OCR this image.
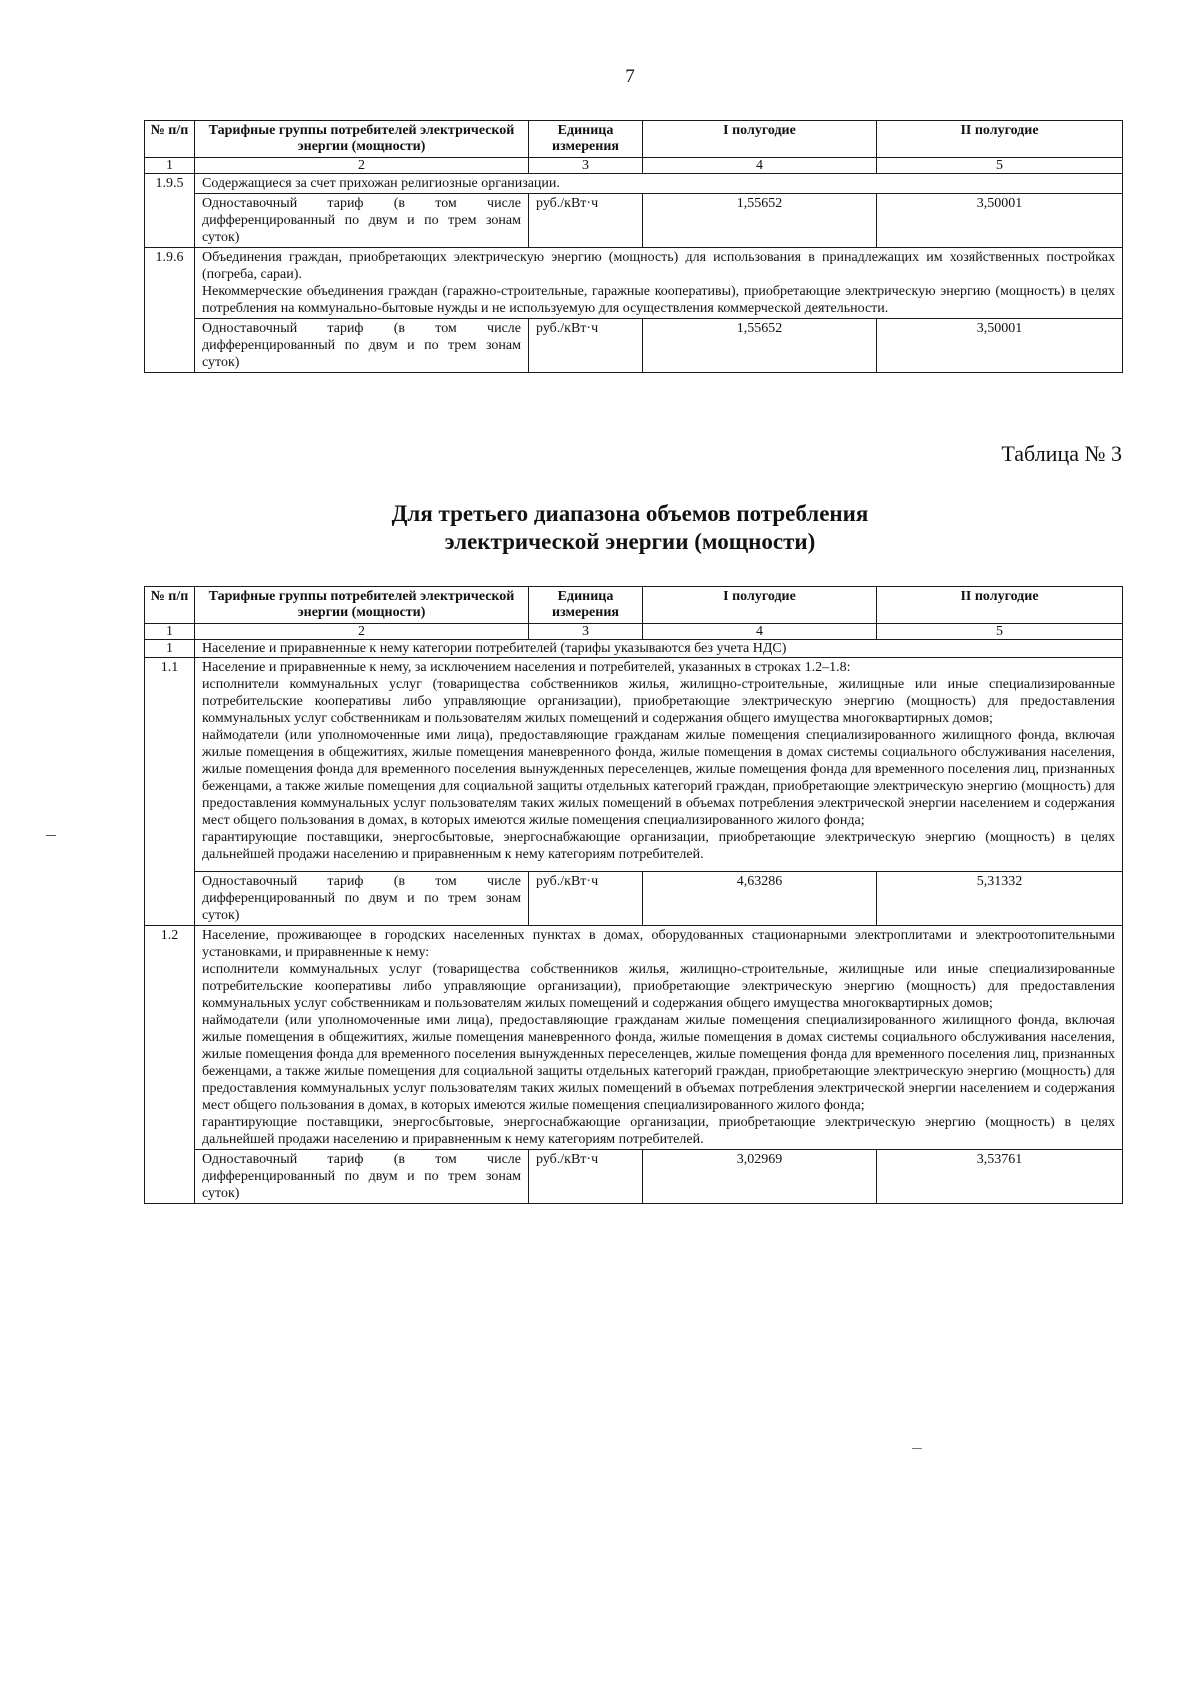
7
№ п/п	Тарифные группы потребителей электрической энергии (мощности)	Единица измерения	I полугодие	II полугодие
1	2	3	4	5
1.9.5	Содержащиеся за счет прихожан религиозные организации.			
	Одноставочный тариф (в том числе дифференцированный по двум и по трем зонам суток)	руб./кВт·ч	1,55652	3,50001
1.9.6	Объединения граждан, приобретающих электрическую энергию (мощность) для использования в принадлежащих им хозяйственных постройках (погреба, сараи).
Некоммерческие объединения граждан (гаражно-строительные, гаражные кооперативы), приобретающие электрическую энергию (мощность) в целях потребления на коммунально-бытовые нужды и не используемую для осуществления коммерческой деятельности.			

	Одноставочный тариф (в том числе дифференцированный по двум и по трем зонам суток)	руб./кВт·ч	1,55652	3,50001
Таблица № 3
Для третьего диапазона объемов потребления
электрической энергии (мощности)
№ п/п	Тарифные группы потребителей электрической энергии (мощности)	Единица измерения	I полугодие	II полугодие
1	2	3	4	5
1	Население и приравненные к нему категории потребителей (тарифы указываются без учета НДС)			
1.1	Население и приравненные к нему, за исключением населения и потребителей, указанных в строках 1.2–1.8:
исполнители коммунальных услуг (товарищества собственников жилья, жилищно-строительные, жилищные или иные специализированные потребительские кооперативы либо управляющие организации), приобретающие электрическую энергию (мощность) для предоставления коммунальных услуг собственникам и пользователям жилых помещений и содержания общего имущества многоквартирных домов;
наймодатели (или уполномоченные ими лица), предоставляющие гражданам жилые помещения специализированного жилищного фонда, включая жилые помещения в общежитиях, жилые помещения маневренного фонда, жилые помещения в домах системы социального обслуживания населения, жилые помещения фонда для временного поселения вынужденных переселенцев, жилые помещения фонда для временного поселения лиц, признанных беженцами, а также жилые помещения для социальной защиты отдельных категорий граждан, приобретающие электрическую энергию (мощность) для предоставления коммунальных услуг пользователям таких жилых помещений в объемах потребления электрической энергии населением и содержания мест общего пользования в домах, в которых имеются жилые помещения специализированного жилого фонда;
гарантирующие поставщики, энергосбытовые, энергоснабжающие организации, приобретающие электрическую энергию (мощность) в целях дальнейшей продажи населению и приравненным к нему категориям потребителей.			

	Одноставочный тариф (в том числе дифференцированный по двум и по трем зонам суток)	руб./кВт·ч	4,63286	5,31332
1.2	Население, проживающее в городских населенных пунктах в домах, оборудованных стационарными электроплитами и электроотопительными установками, и приравненные к нему:
исполнители коммунальных услуг (товарищества собственников жилья, жилищно-строительные, жилищные или иные специализированные потребительские кооперативы либо управляющие организации), приобретающие электрическую энергию (мощность) для предоставления коммунальных услуг собственникам и пользователям жилых помещений и содержания общего имущества многоквартирных домов;
наймодатели (или уполномоченные ими лица), предоставляющие гражданам жилые помещения специализированного жилищного фонда, включая жилые помещения в общежитиях, жилые помещения маневренного фонда, жилые помещения в домах системы социального обслуживания населения, жилые помещения фонда для временного поселения вынужденных переселенцев, жилые помещения фонда для временного поселения лиц, признанных беженцами, а также жилые помещения для социальной защиты отдельных категорий граждан, приобретающие электрическую энергию (мощность) для предоставления коммунальных услуг пользователям таких жилых помещений в объемах потребления электрической энергии населением и содержания мест общего пользования в домах, в которых имеются жилые помещения специализированного жилого фонда;
гарантирующие поставщики, энергосбытовые, энергоснабжающие организации, приобретающие электрическую энергию (мощность) в целях дальнейшей продажи населению и приравненным к нему категориям потребителей.			

	Одноставочный тариф (в том числе дифференцированный по двум и по трем зонам суток)	руб./кВт·ч	3,02969	3,53761
